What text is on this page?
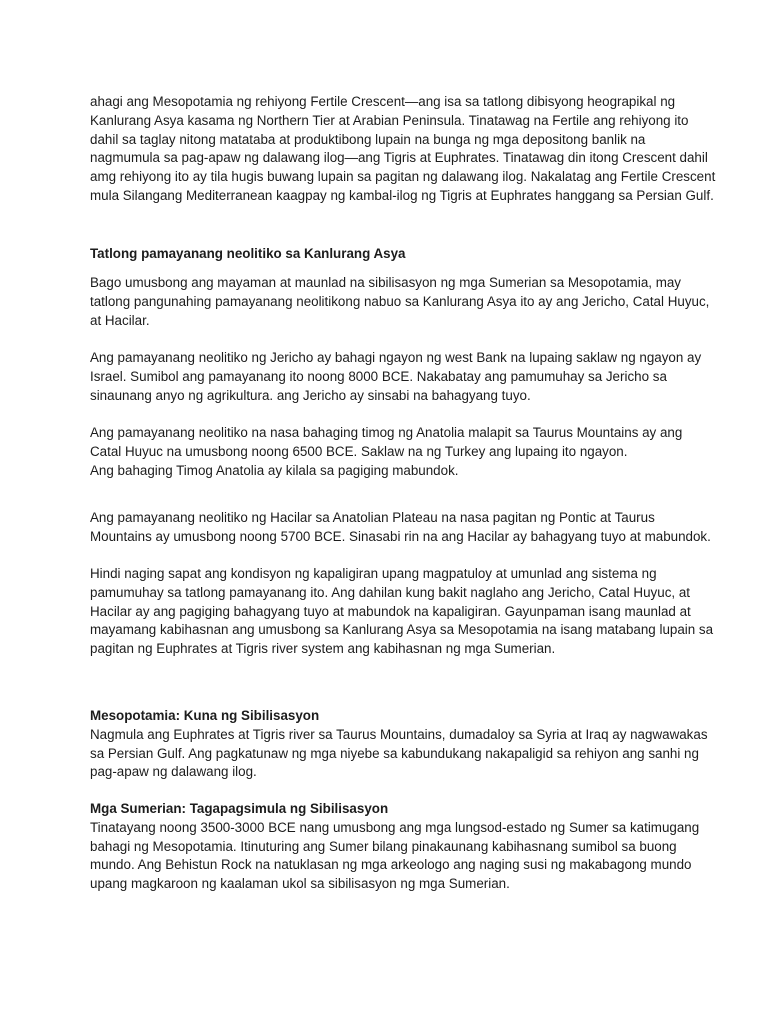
ahagi ang Mesopotamia ng rehiyong Fertile Crescent—ang isa sa tatlong dibisyong heograpikal ng
Kanlurang Asya kasama ng Northern Tier at Arabian Peninsula. Tinatawag na Fertile ang rehiyong ito
dahil sa taglay nitong matataba at produktibong lupain na bunga ng mga depositong banlik na
nagmumula sa pag-apaw ng dalawang ilog—ang Tigris at Euphrates. Tinatawag din itong Crescent dahil
amg rehiyong ito ay tila hugis buwang lupain sa pagitan ng dalawang ilog. Nakalatag ang Fertile Crescent
mula Silangang Mediterranean kaagpay ng kambal-ilog ng Tigris at Euphrates hanggang sa Persian Gulf.
Tatlong pamayanang neolitiko sa Kanlurang Asya
Bago umusbong ang mayaman at maunlad na sibilisasyon ng mga Sumerian sa Mesopotamia, may
tatlong pangunahing pamayanang neolitikong nabuo sa Kanlurang Asya ito ay ang Jericho, Catal Huyuc,
at Hacilar.
Ang pamayanang neolitiko ng Jericho ay bahagi ngayon ng west Bank na lupaing saklaw ng ngayon ay
Israel. Sumibol ang pamayanang ito noong 8000 BCE. Nakabatay ang pamumuhay sa Jericho sa
sinaunang anyo ng agrikultura. ang Jericho ay sinsabi na bahagyang tuyo.
Ang pamayanang neolitiko na nasa bahaging timog ng Anatolia malapit sa Taurus Mountains ay ang
Catal Huyuc na umusbong noong 6500 BCE. Saklaw na ng Turkey ang lupaing ito ngayon.
Ang bahaging Timog Anatolia ay kilala sa pagiging mabundok.
Ang pamayanang neolitiko ng Hacilar sa Anatolian Plateau na nasa pagitan ng Pontic at Taurus
Mountains ay umusbong noong 5700 BCE. Sinasabi rin na ang Hacilar ay bahagyang tuyo at mabundok.
Hindi naging sapat ang kondisyon ng kapaligiran upang magpatuloy at umunlad ang sistema ng
pamumuhay sa tatlong pamayanang ito. Ang dahilan kung bakit naglaho ang Jericho, Catal Huyuc, at
Hacilar ay ang pagiging bahagyang tuyo at mabundok na kapaligiran. Gayunpaman isang maunlad at
mayamang kabihasnan ang umusbong sa Kanlurang Asya sa Mesopotamia na isang matabang lupain sa
pagitan ng Euphrates at Tigris river system ang kabihasnan ng mga Sumerian.
Mesopotamia: Kuna ng Sibilisasyon
Nagmula ang Euphrates at Tigris river sa Taurus Mountains, dumadaloy sa Syria at Iraq ay nagwawakas
sa Persian Gulf. Ang pagkatunaw ng mga niyebe sa kabundukang nakapaligid sa rehiyon ang sanhi ng
pag-apaw ng dalawang ilog.
Mga Sumerian: Tagapagsimula ng Sibilisasyon
Tinatayang noong 3500-3000 BCE nang umusbong ang mga lungsod-estado ng Sumer sa katimugang
bahagi ng Mesopotamia. Itinuturing ang Sumer bilang pinakaunang kabihasnang sumibol sa buong
mundo. Ang Behistun Rock na natuklasan ng mga arkeologo ang naging susi ng makabagong mundo
upang magkaroon ng kaalaman ukol sa sibilisasyon ng mga Sumerian.
